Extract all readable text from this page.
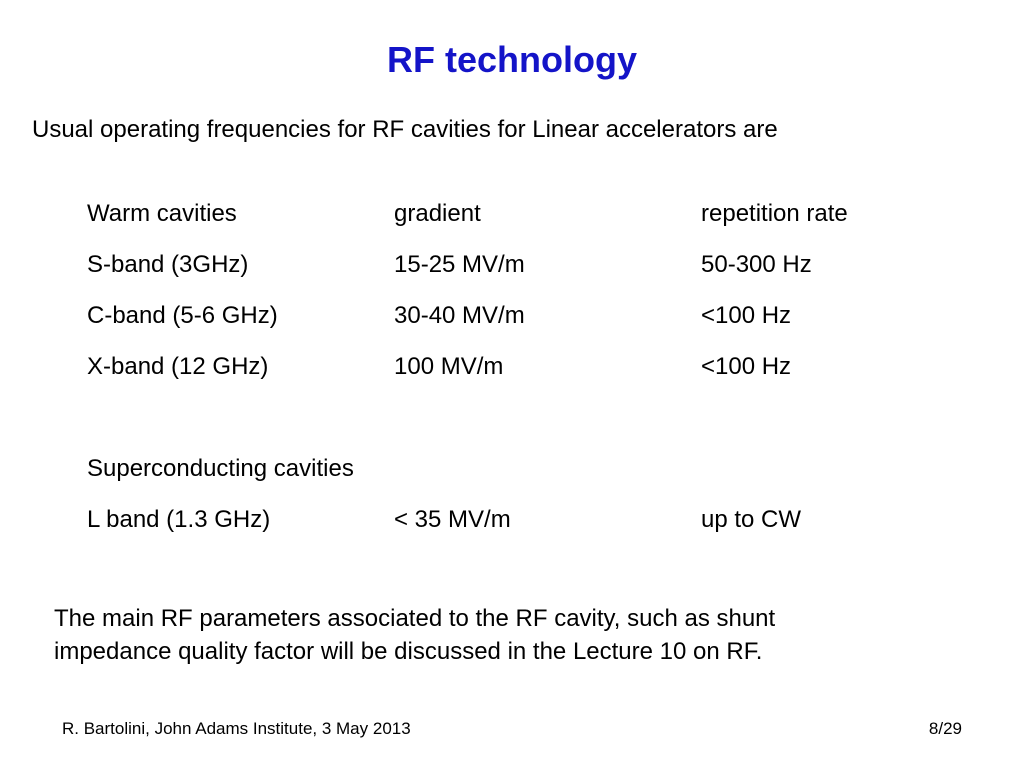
RF technology
Usual operating frequencies for RF cavities for Linear accelerators are
Warm cavities	gradient	repetition rate
S-band (3GHz)	15-25 MV/m	50-300 Hz
C-band (5-6 GHz)	30-40 MV/m	<100 Hz
X-band (12 GHz)	100 MV/m	<100 Hz
Superconducting cavities
L band (1.3 GHz)	< 35 MV/m	up to CW

The main RF parameters associated to the RF cavity, such as shunt

impedance quality factor will be discussed in the Lecture 10 on RF.

R. Bartolini, John Adams Institute, 3 May 2013	8/29
